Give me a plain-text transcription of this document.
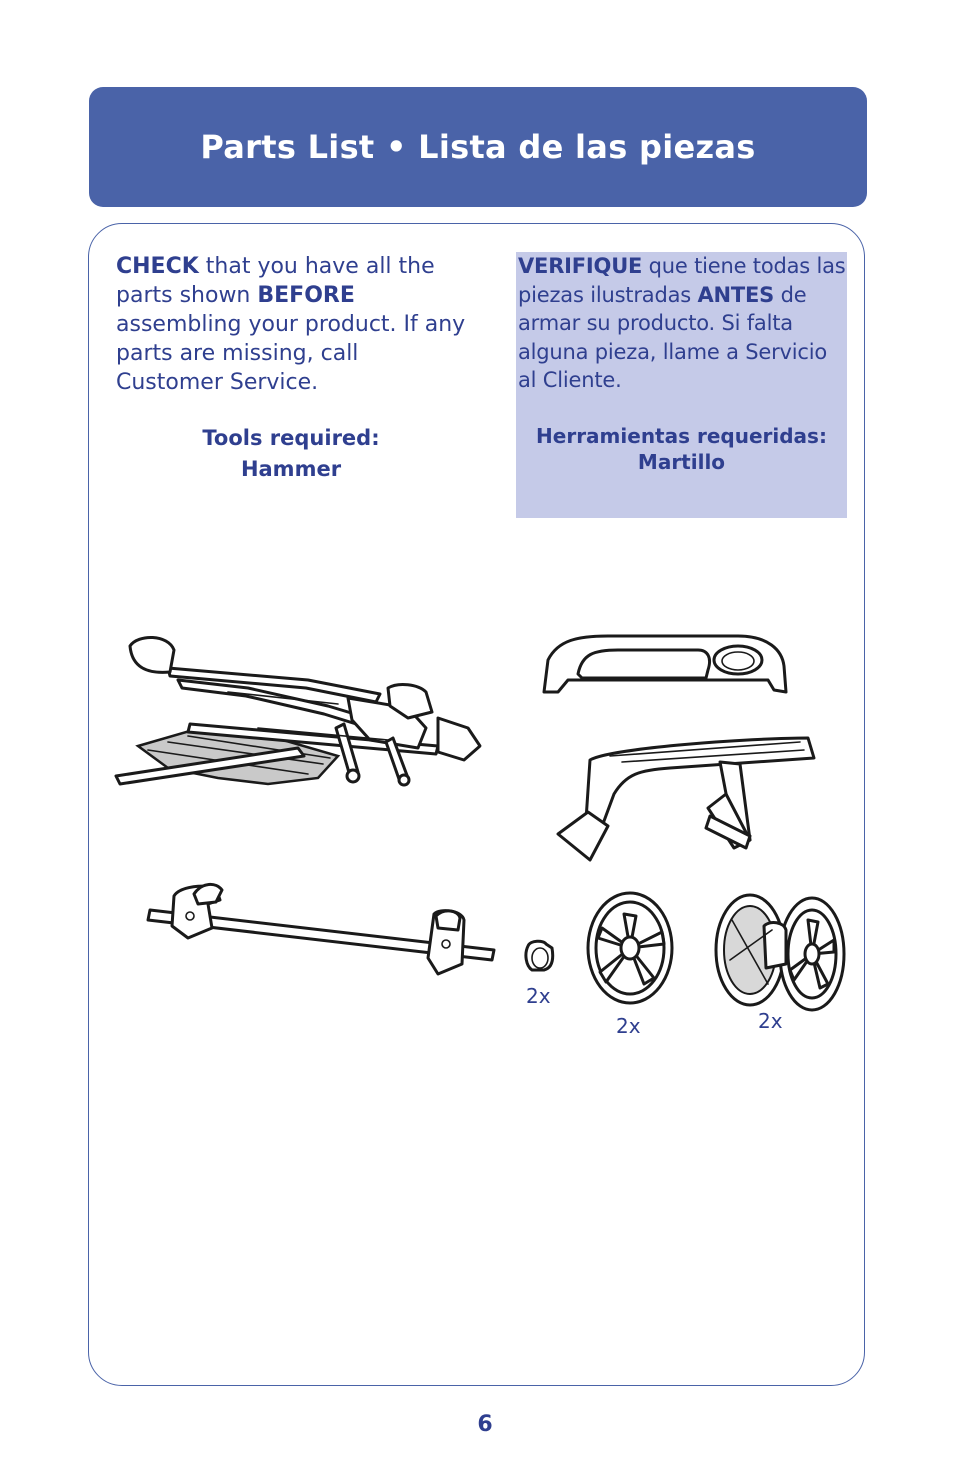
Parts List • Lista de las piezas
CHECK that you have all the parts shown BEFORE assembling your product. If any parts are missing, call Customer Service.
Tools required:
Hammer
VERIFIQUE que tiene todas las piezas ilustradas ANTES de armar su producto. Si falta alguna pieza, llame a Servicio al Cliente.
Herramientas requeridas:
Martillo
2x
2x	2x
6
